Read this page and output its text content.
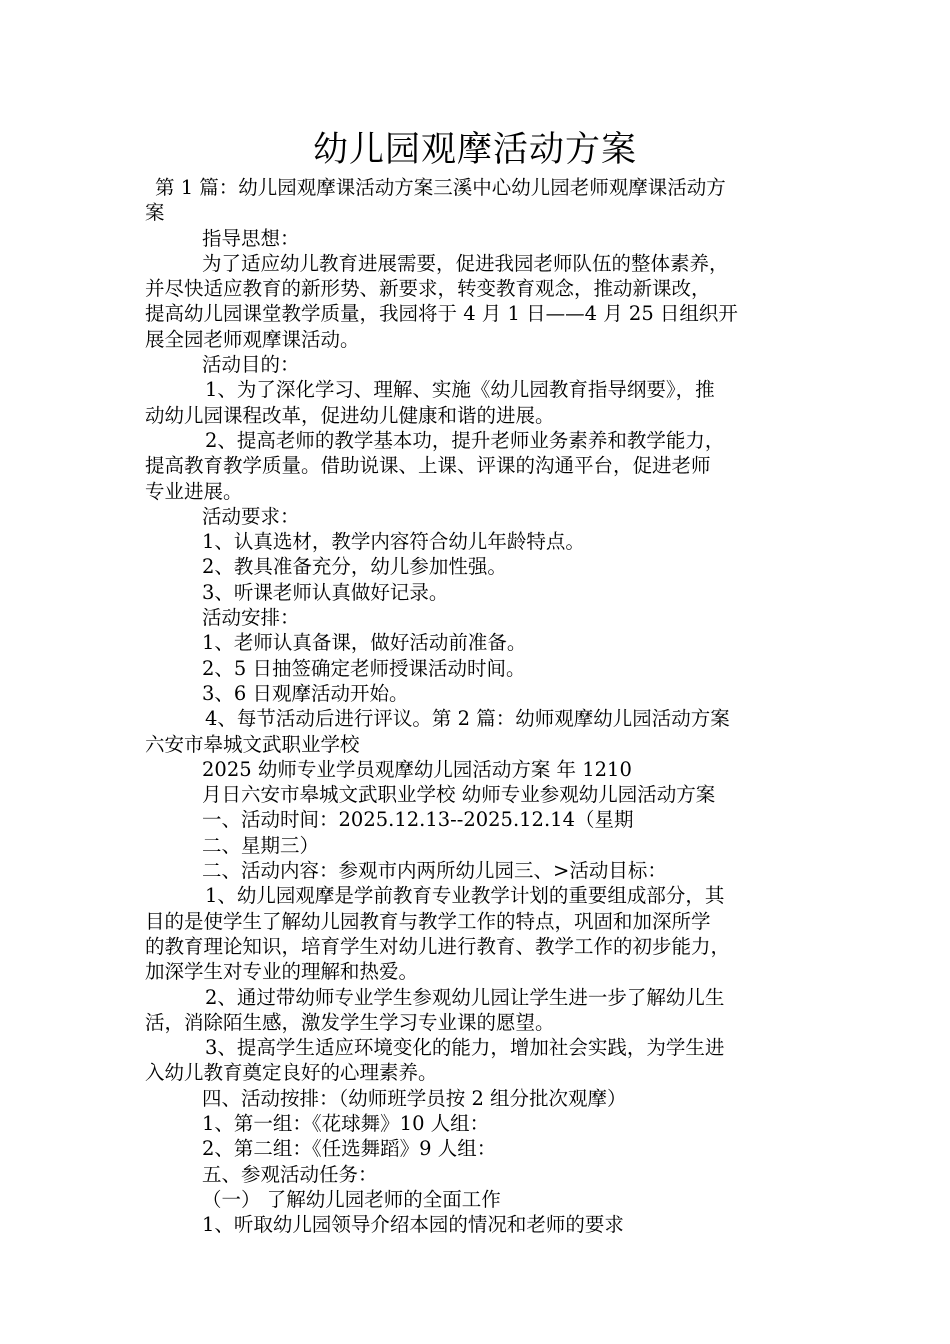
幼儿园观摩活动方案
第 1 篇：幼儿园观摩课活动方案三溪中心幼儿园老师观摩课活动方
案
指导思想：
为了适应幼儿教育进展需要，促进我园老师队伍的整体素养，
并尽快适应教育的新形势、新要求，转变教育观念，推动新课改，
提高幼儿园课堂教学质量，我园将于 4 月 1 日——4 月 25 日组织开
展全园老师观摩课活动。
活动目的：
1、为了深化学习、理解、实施《幼儿园教育指导纲要》，推
动幼儿园课程改革，促进幼儿健康和谐的进展。
2、提高老师的教学基本功，提升老师业务素养和教学能力，
提高教育教学质量。借助说课、上课、评课的沟通平台，促进老师
专业进展。
活动要求：
1、认真选材，教学内容符合幼儿年龄特点。
2、教具准备充分，幼儿参加性强。
3、听课老师认真做好记录。
活动安排：
1、老师认真备课，做好活动前准备。
2、5 日抽签确定老师授课活动时间。
3、6 日观摩活动开始。
4、每节活动后进行评议。第 2 篇：幼师观摩幼儿园活动方案
六安市皋城文武职业学校
2025 幼师专业学员观摩幼儿园活动方案 年 1210
月日六安市皋城文武职业学校 幼师专业参观幼儿园活动方案
一、活动时间：2025.12.13--2025.12.14（星期
二、星期三）
二、活动内容：参观市内两所幼儿园三、>活动目标：
1、幼儿园观摩是学前教育专业教学计划的重要组成部分，其
目的是使学生了解幼儿园教育与教学工作的特点，巩固和加深所学
的教育理论知识，培育学生对幼儿进行教育、教学工作的初步能力，
加深学生对专业的理解和热爱。
2、通过带幼师专业学生参观幼儿园让学生进一步了解幼儿生
活，消除陌生感，激发学生学习专业课的愿望。
3、提高学生适应环境变化的能力，增加社会实践，为学生进
入幼儿教育奠定良好的心理素养。
四、活动按排：（幼师班学员按 2 组分批次观摩）
1、第一组：《花球舞》10 人组：
2、第二组：《任选舞蹈》9 人组：
五、参观活动任务：
（一） 了解幼儿园老师的全面工作
1、听取幼儿园领导介绍本园的情况和老师的要求
